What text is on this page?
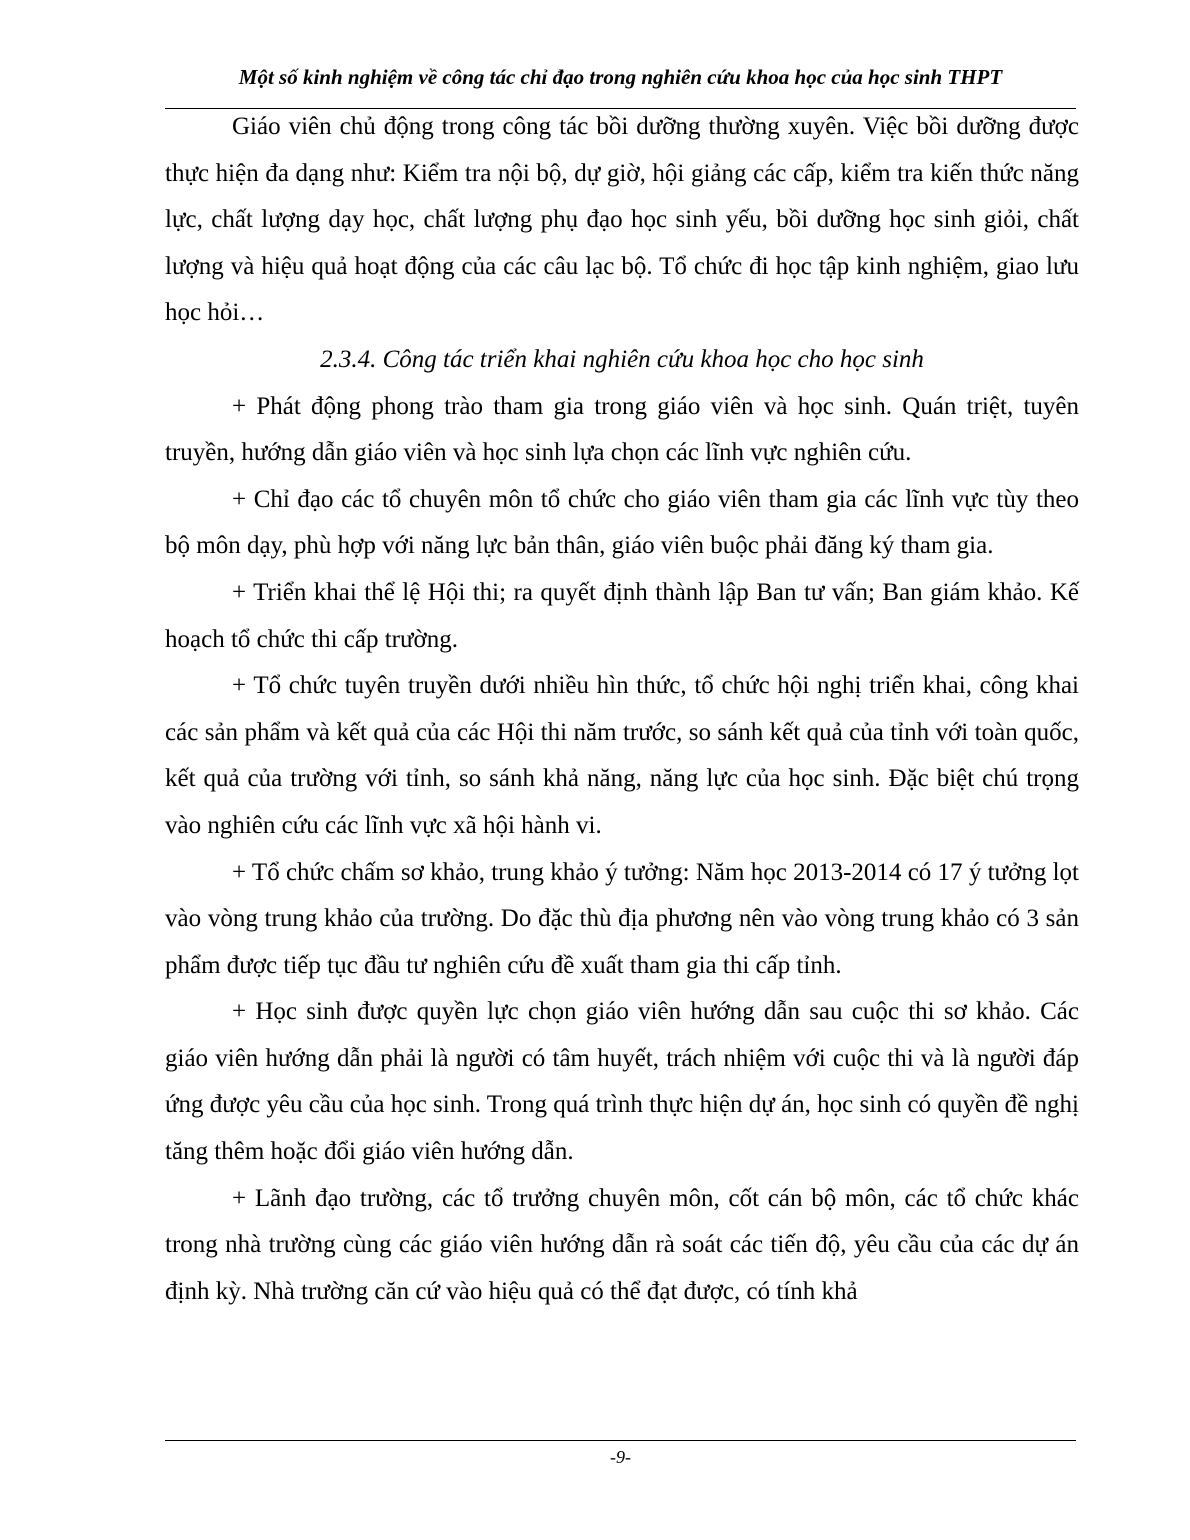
Một số kinh nghiệm về công tác chỉ đạo trong nghiên cứu khoa học của học sinh THPT

Giáo viên chủ động trong công tác bồi dưỡng thường xuyên. Việc bồi dưỡng được thực hiện đa dạng như: Kiểm tra nội bộ, dự giờ, hội giảng các cấp, kiểm tra kiến thức năng lực, chất lượng dạy học, chất lượng phụ đạo học sinh yếu, bồi dưỡng học sinh giỏi, chất lượng và hiệu quả hoạt động của các câu lạc bộ. Tổ chức đi học tập kinh nghiệm, giao lưu học hỏi…

2.3.4. Công tác triển khai nghiên cứu khoa học cho học sinh

+ Phát động phong trào tham gia trong giáo viên và học sinh. Quán triệt, tuyên truyền, hướng dẫn giáo viên và học sinh lựa chọn các lĩnh vực nghiên cứu.

+ Chỉ đạo các tổ chuyên môn tổ chức cho giáo viên tham gia các lĩnh vực tùy theo bộ môn dạy, phù hợp với năng lực bản thân, giáo viên buộc phải đăng ký tham gia.

+ Triển khai thể lệ Hội thi; ra quyết định thành lập Ban tư vấn; Ban giám khảo. Kế hoạch tổ chức thi cấp trường.

+ Tổ chức tuyên truyền dưới nhiều hìn thức, tổ chức hội nghị triển khai, công khai các sản phẩm và kết quả của các Hội thi năm trước, so sánh kết quả của tỉnh với toàn quốc, kết quả của trường với tỉnh, so sánh khả năng, năng lực của học sinh. Đặc biệt chú trọng vào nghiên cứu các lĩnh vực xã hội hành vi.

+ Tổ chức chấm sơ khảo, trung khảo ý tưởng: Năm học 2013-2014 có 17 ý tưởng lọt vào vòng trung khảo của trường. Do đặc thù địa phương nên vào vòng trung khảo có 3 sản phẩm được tiếp tục đầu tư nghiên cứu đề xuất tham gia thi cấp tỉnh.

+ Học sinh được quyền lực chọn giáo viên hướng dẫn sau cuộc thi sơ khảo. Các giáo viên hướng dẫn phải là người có tâm huyết, trách nhiệm với cuộc thi và là người đáp ứng được yêu cầu của học sinh. Trong quá trình thực hiện dự án, học sinh có quyền đề nghị tăng thêm hoặc đổi giáo viên hướng dẫn.

+ Lãnh đạo trường, các tổ trưởng chuyên môn, cốt cán bộ môn, các tổ chức khác trong nhà trường cùng các giáo viên hướng dẫn rà soát các tiến độ, yêu cầu của các dự án định kỳ. Nhà trường căn cứ vào hiệu quả có thể đạt được, có tính khả

-9-
